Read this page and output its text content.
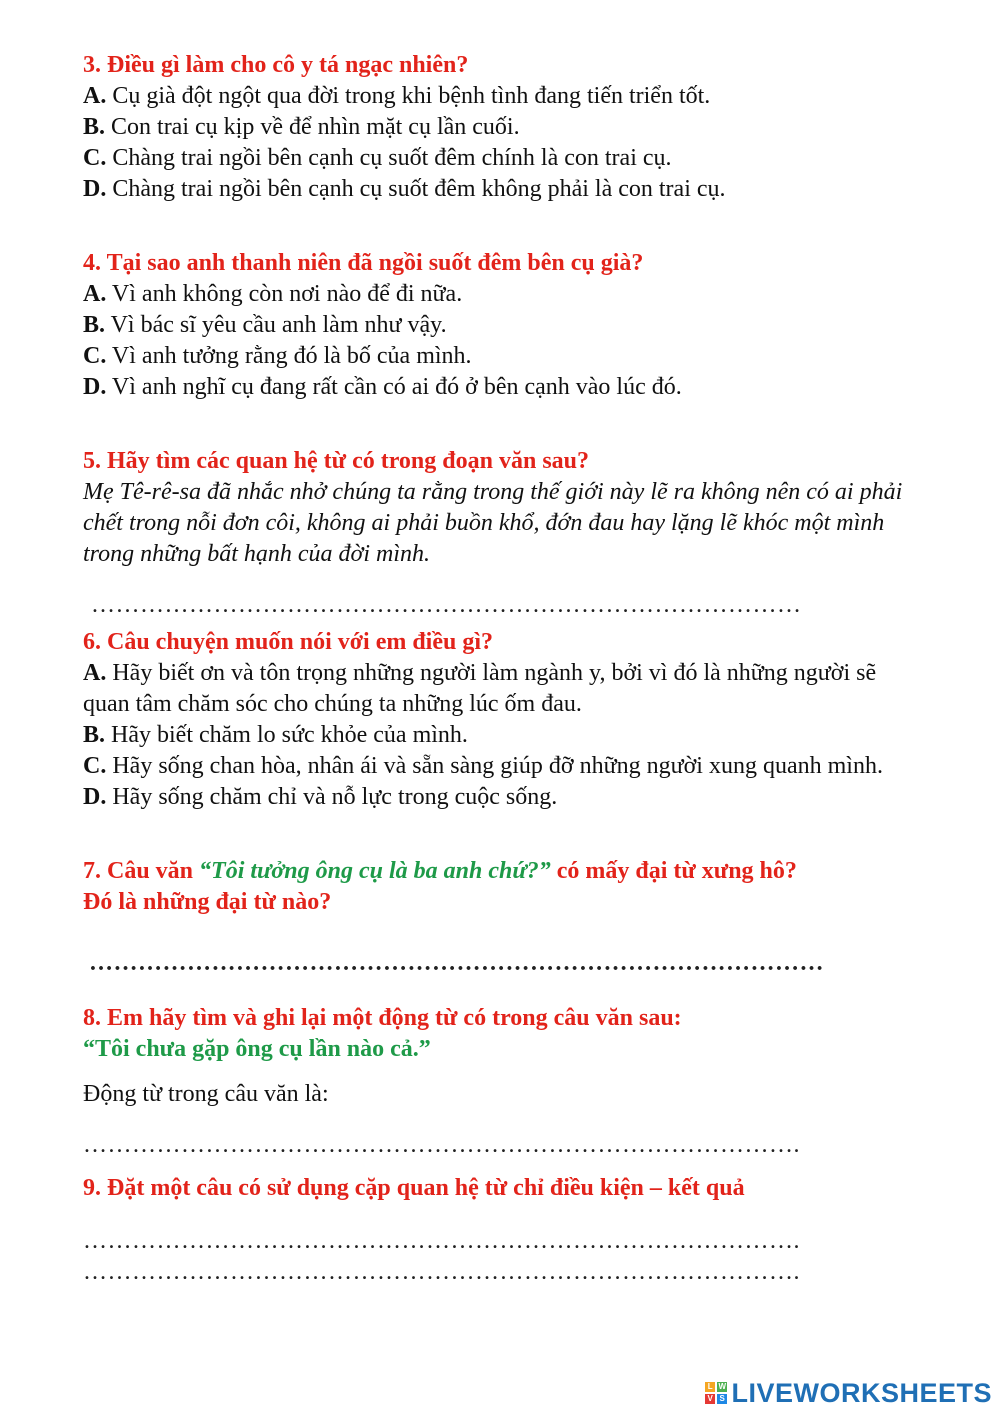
3. Điều gì làm cho cô y tá ngạc nhiên?
A. Cụ già đột ngột qua đời trong khi bệnh tình đang tiến triển tốt.
B. Con trai cụ kịp về để nhìn mặt cụ lần cuối.
C. Chàng trai ngồi bên cạnh cụ suốt đêm chính là con trai cụ.
D. Chàng trai ngồi bên cạnh cụ suốt đêm không phải là con trai cụ.
4. Tại sao anh thanh niên đã ngồi suốt đêm bên cụ già?
A. Vì anh không còn nơi nào để đi nữa.
B. Vì bác sĩ yêu cầu anh làm như vậy.
C. Vì anh tưởng rằng đó là bố của mình.
D. Vì anh nghĩ cụ đang rất cần có ai đó ở bên cạnh vào lúc đó.
5. Hãy tìm các quan hệ từ có trong đoạn văn sau?
Mẹ Tê-rê-sa đã nhắc nhở chúng ta rằng trong thế giới này lẽ ra không nên có ai phải chết trong nỗi đơn côi, không ai phải buồn khổ, đớn đau hay lặng lẽ khóc một mình trong những bất hạnh của đời mình.
……………………………………………………………………………
6. Câu chuyện muốn nói với em điều gì?
A. Hãy biết ơn và tôn trọng những người làm ngành y, bởi vì đó là những người sẽ quan tâm chăm sóc cho chúng ta những lúc ốm đau.
B. Hãy biết chăm lo sức khỏe của mình.
C. Hãy sống chan hòa, nhân ái và sẵn sàng giúp đỡ những người xung quanh mình.
D. Hãy sống chăm chỉ và nỗ lực trong cuộc sống.
7. Câu văn “Tôi tưởng ông cụ là ba anh chứ?” có mấy đại từ xưng hô?
Đó là những đại từ nào?
………………………………………………………………………………
8. Em hãy tìm và ghi lại một động từ có trong câu văn sau:
“Tôi chưa gặp ông cụ lần nào cả.”
Động từ trong câu văn là:
…………………………………………………………………………….
9. Đặt một câu có sử dụng cặp quan hệ từ chỉ điều kiện – kết quả
…………………………………………………………………………….
…………………………………………………………………………….
L W
V S LIVEWORKSHEETS
